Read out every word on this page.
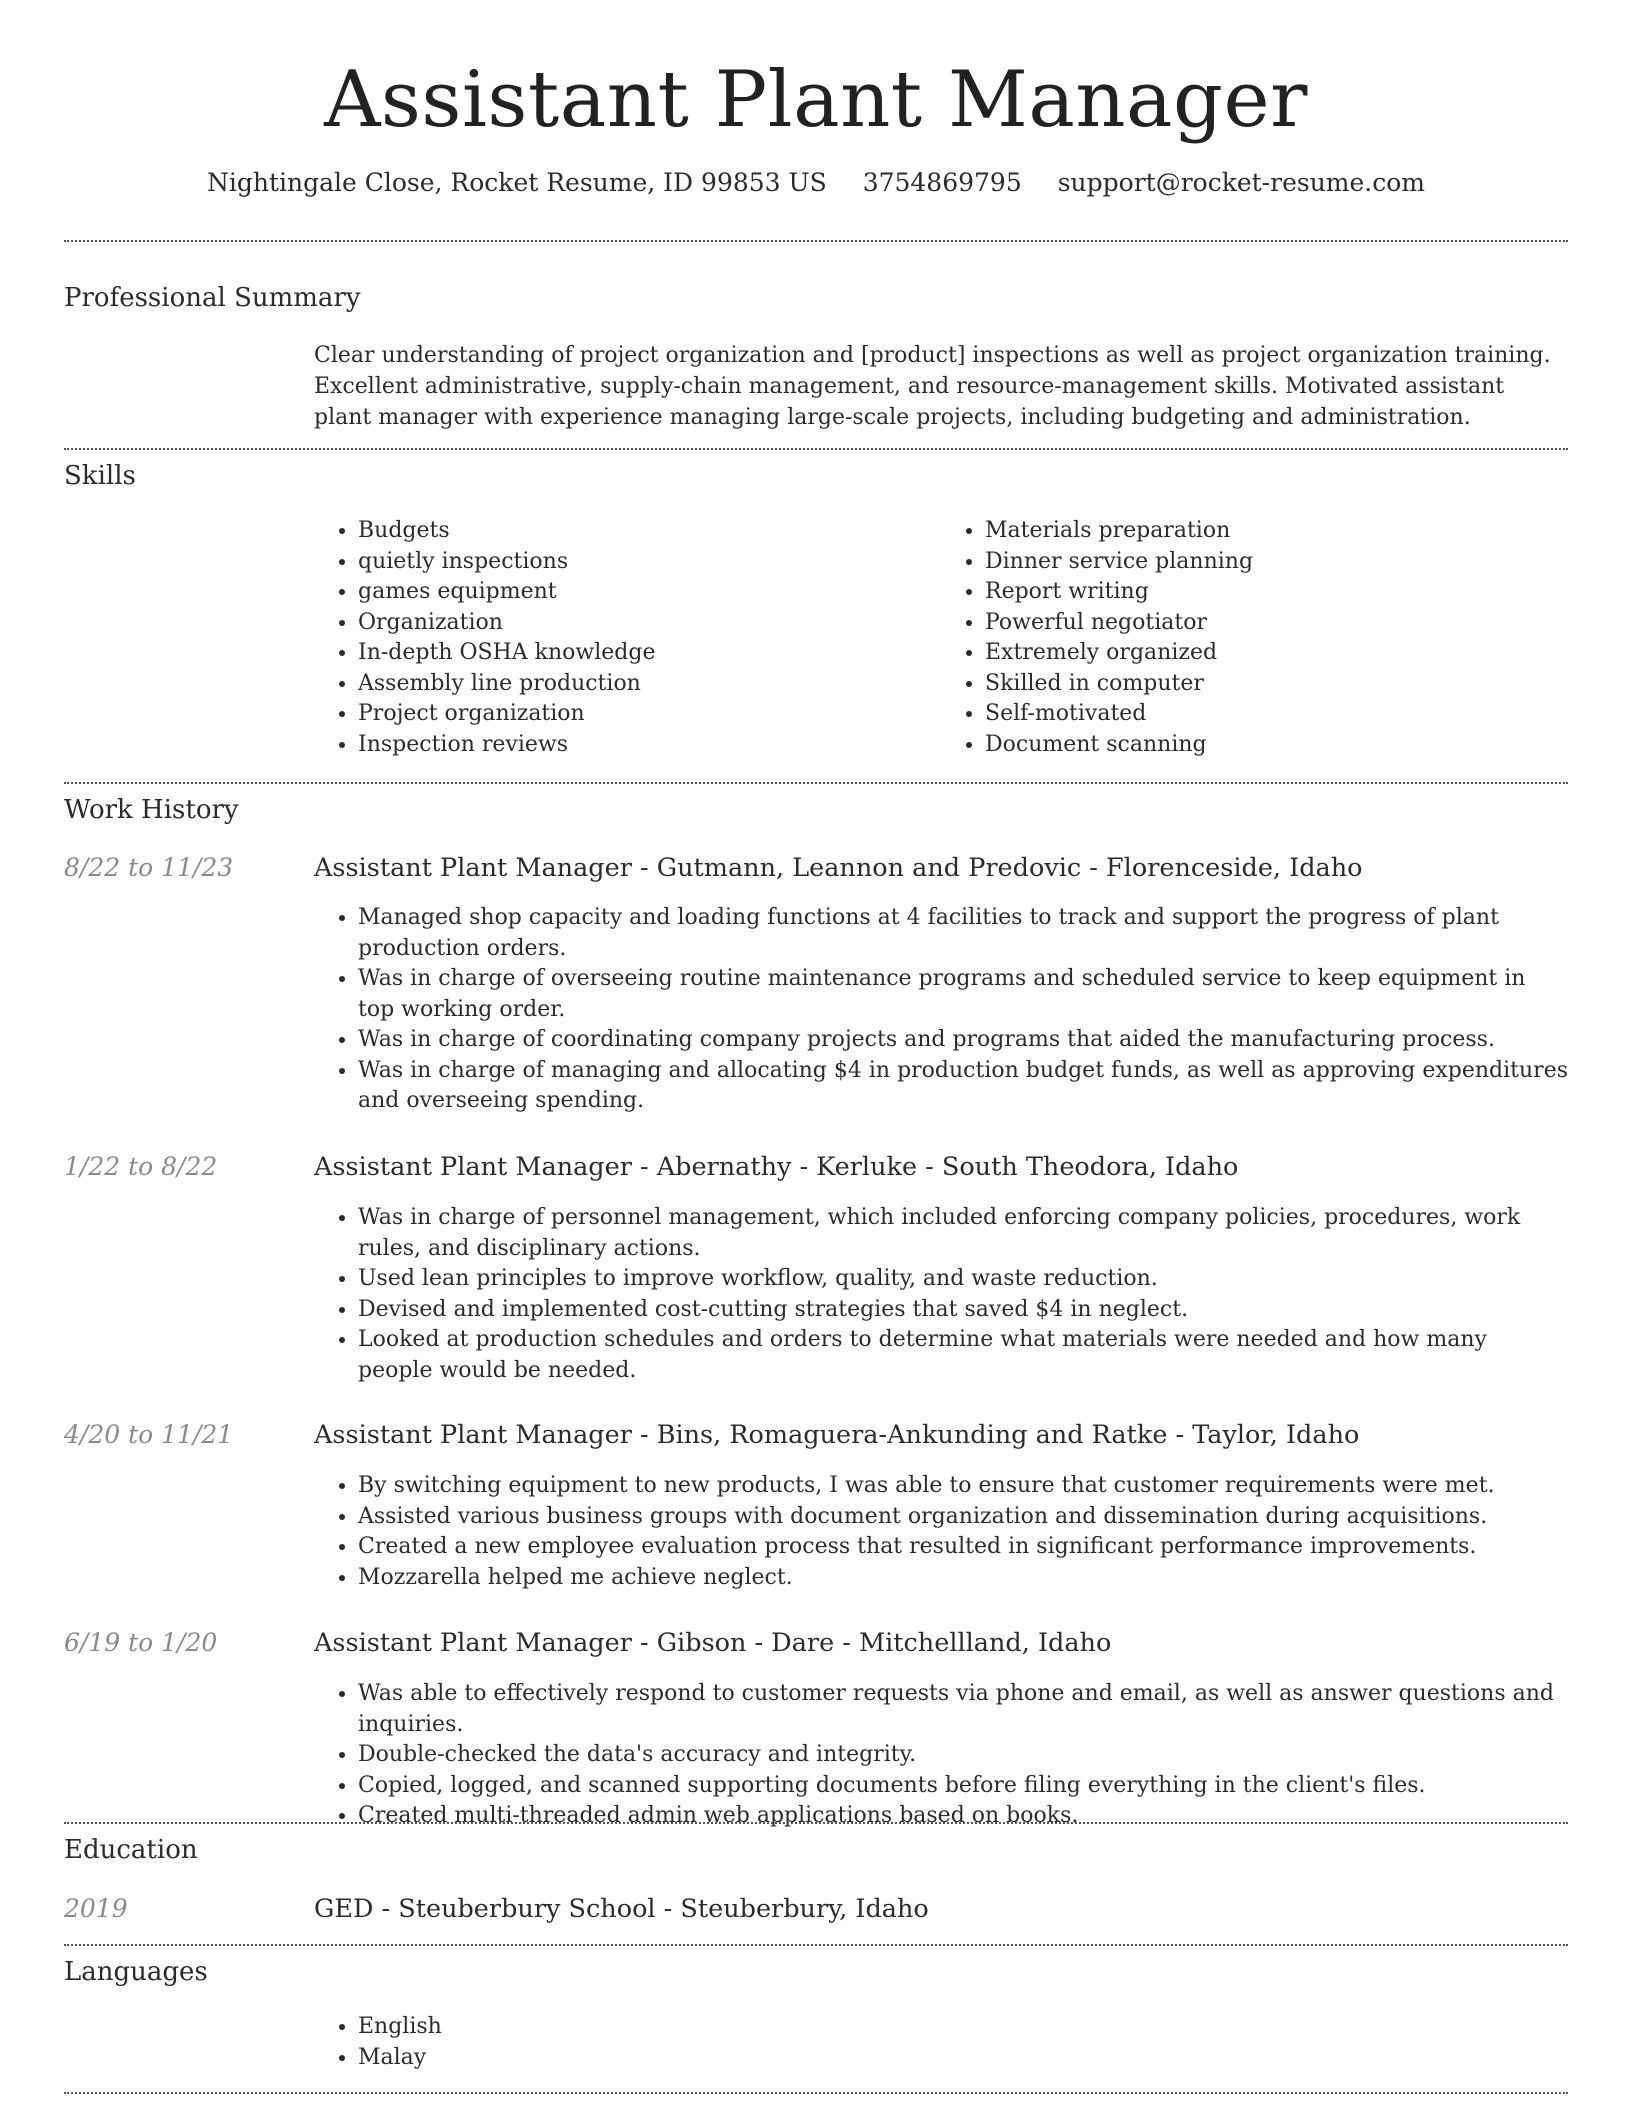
Assistant Plant Manager
Nightingale Close, Rocket Resume, ID 99853 US 3754869795 support@rocket-resume.com
Professional Summary

Clear understanding of project organization and [product] inspections as well as project organization training. Excellent administrative, supply-chain management, and resource-management skills. Motivated assistant plant manager with experience managing large-scale projects, including budgeting and administration.

Skills
• Budgets
• quietly inspections
• games equipment
• Organization
• In-depth OSHA knowledge
• Assembly line production
• Project organization
• Inspection reviews
• Materials preparation
• Dinner service planning
• Report writing
• Powerful negotiator
• Extremely organized
• Skilled in computer
• Self-motivated
• Document scanning
Work History
8/22 to 11/23	Assistant Plant Manager - Gutmann, Leannon and Predovic - Florenceside, Idaho
• Managed shop capacity and loading functions at 4 facilities to track and support the progress of plant production orders.
• Was in charge of overseeing routine maintenance programs and scheduled service to keep equipment in top working order.
• Was in charge of coordinating company projects and programs that aided the manufacturing process.
• Was in charge of managing and allocating $4 in production budget funds, as well as approving expenditures and overseeing spending.
1/22 to 8/22	Assistant Plant Manager - Abernathy - Kerluke - South Theodora, Idaho
• Was in charge of personnel management, which included enforcing company policies, procedures, work rules, and disciplinary actions.
• Used lean principles to improve workflow, quality, and waste reduction.
• Devised and implemented cost-cutting strategies that saved $4 in neglect.
• Looked at production schedules and orders to determine what materials were needed and how many people would be needed.
4/20 to 11/21	Assistant Plant Manager - Bins, Romaguera-Ankunding and Ratke - Taylor, Idaho
• By switching equipment to new products, I was able to ensure that customer requirements were met.
• Assisted various business groups with document organization and dissemination during acquisitions.
• Created a new employee evaluation process that resulted in significant performance improvements.
• Mozzarella helped me achieve neglect.
6/19 to 1/20	Assistant Plant Manager - Gibson - Dare - Mitchellland, Idaho
• Was able to effectively respond to customer requests via phone and email, as well as answer questions and inquiries.
• Double-checked the data's accuracy and integrity.
• Copied, logged, and scanned supporting documents before filing everything in the client's files.
• Created multi-threaded admin web applications based on books.
Education
2019	GED - Steuberbury School - Steuberbury, Idaho
Languages
• English
• Malay
